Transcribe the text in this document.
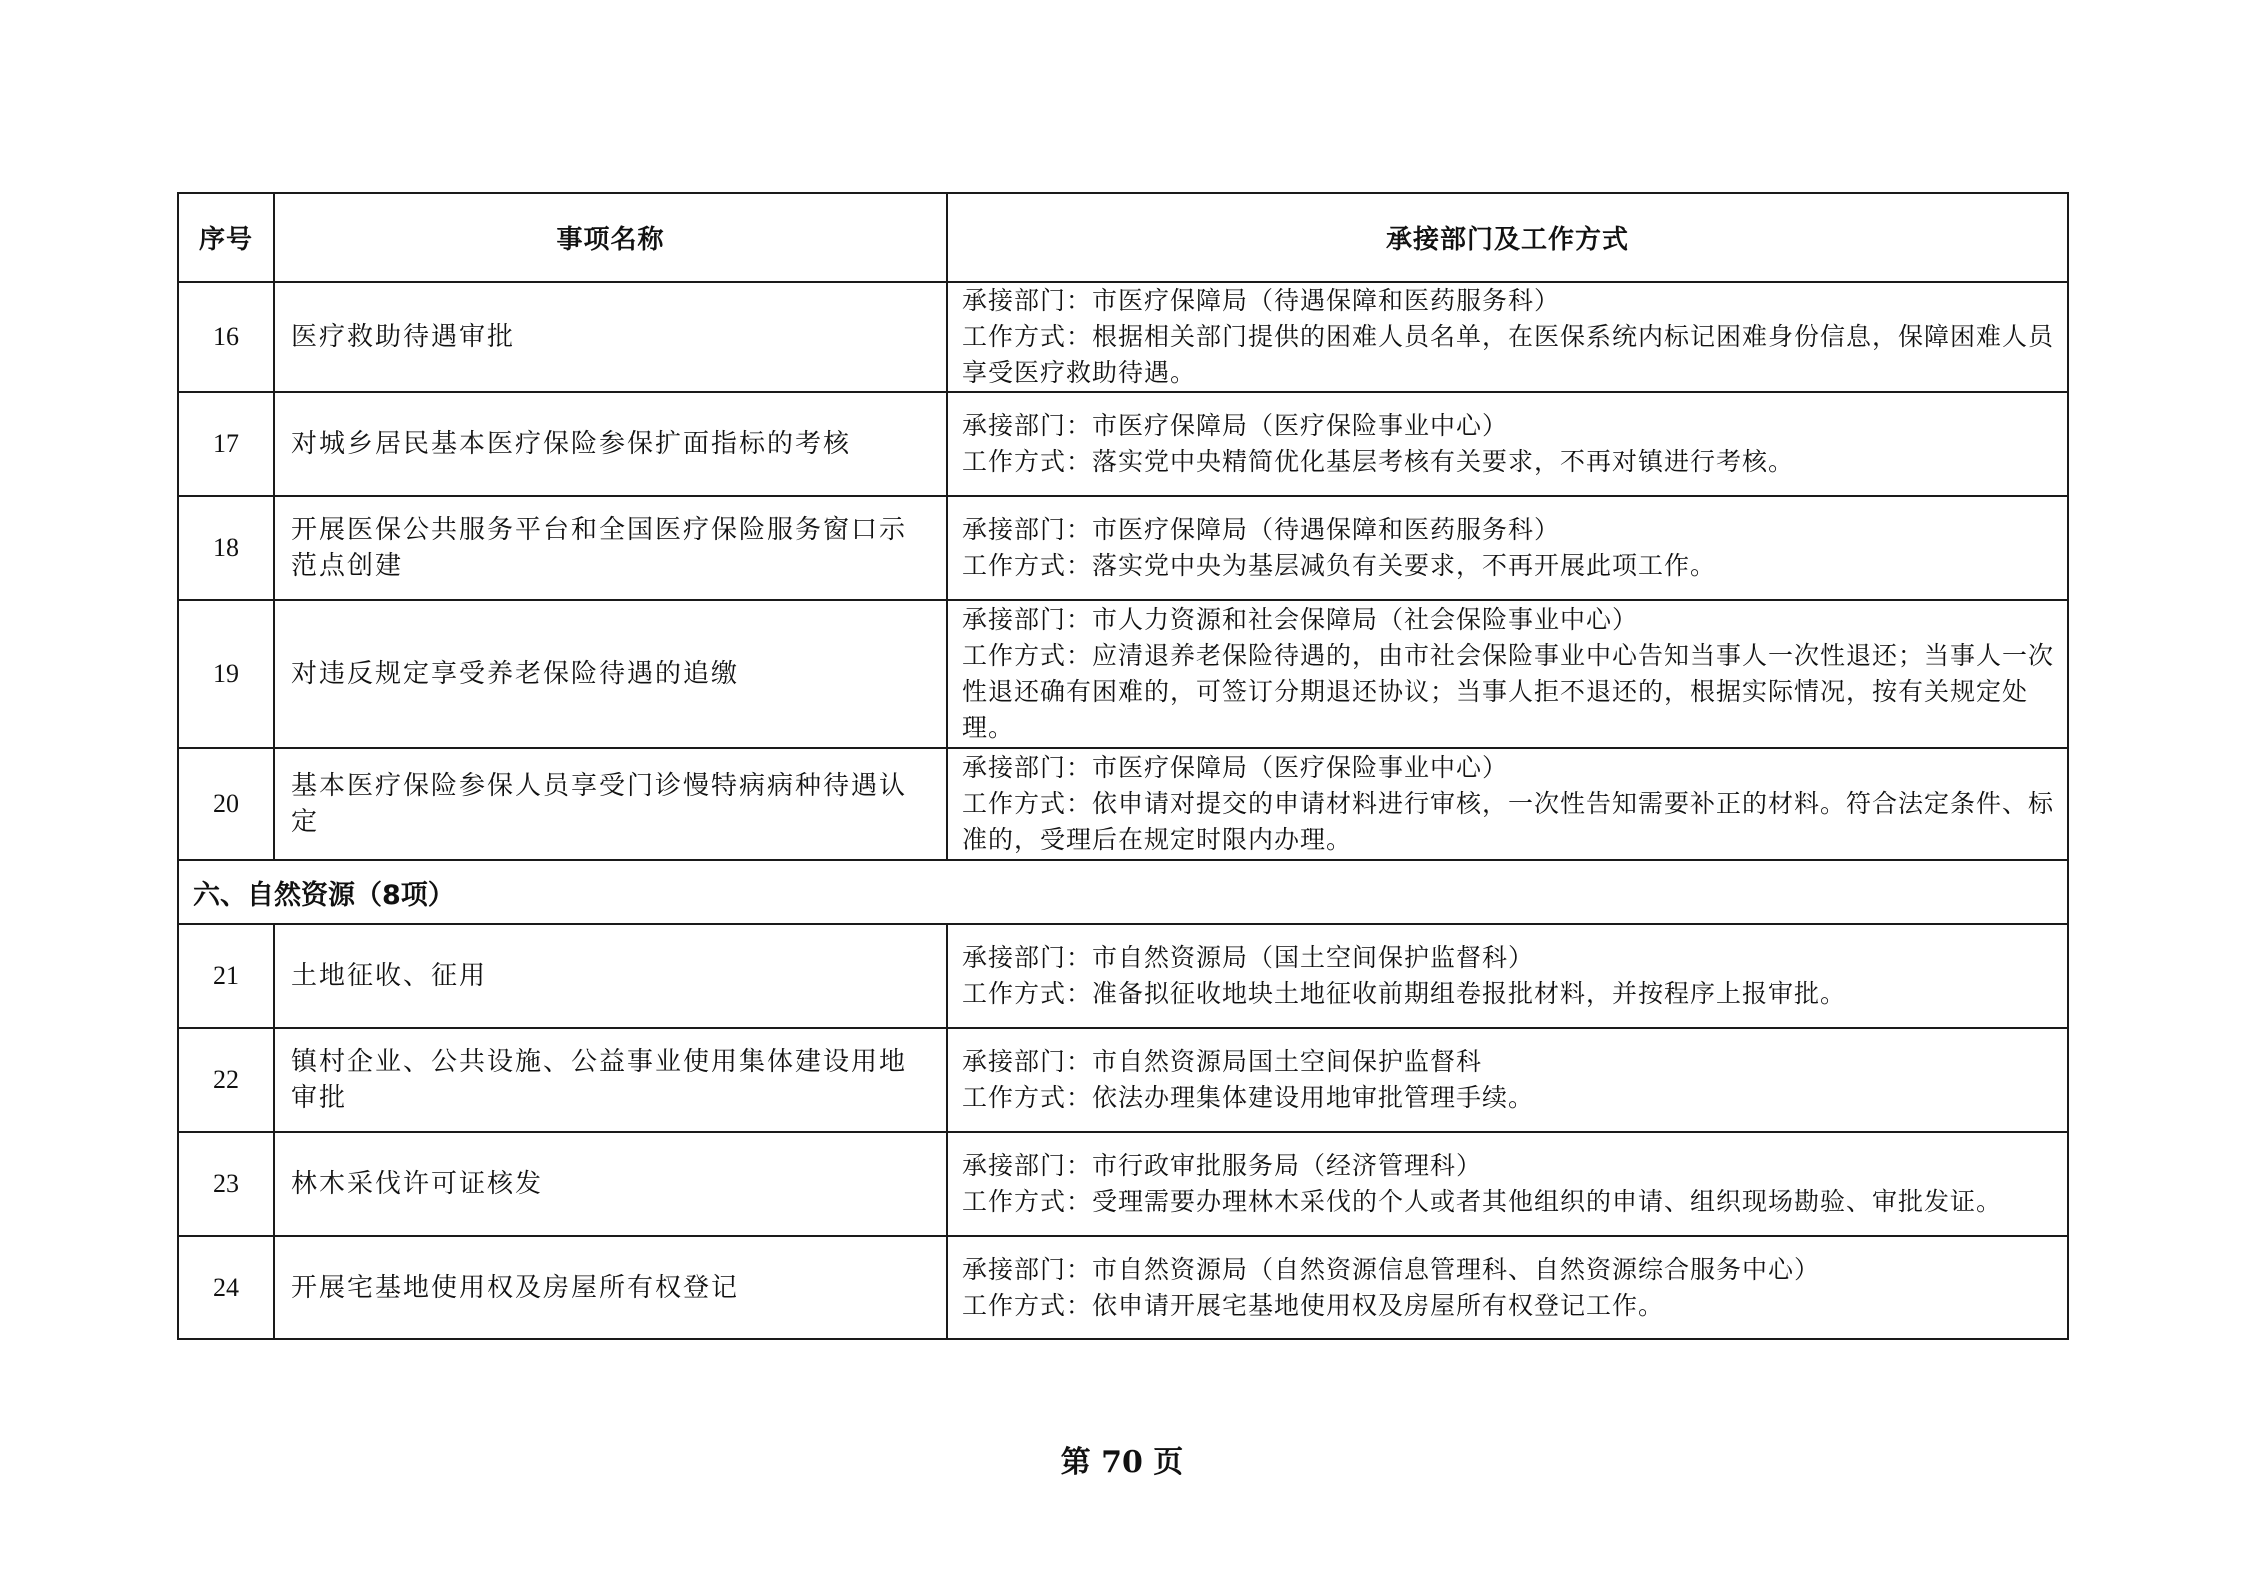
序号	事项名称	承接部门及工作方式
16	医疗救助待遇审批	承接部门：市医疗保障局（待遇保障和医药服务科）
工作方式：根据相关部门提供的困难人员名单，在医保系统内标记困难身份信息，保障困难人员享受医疗救助待遇。

17	对城乡居民基本医疗保险参保扩面指标的考核	承接部门：市医疗保障局（医疗保险事业中心）
工作方式：落实党中央精简优化基层考核有关要求，不再对镇进行考核。

18	开展医保公共服务平台和全国医疗保险服务窗口示范点创建	承接部门：市医疗保障局（待遇保障和医药服务科）
工作方式：落实党中央为基层减负有关要求，不再开展此项工作。

19	对违反规定享受养老保险待遇的追缴	承接部门：市人力资源和社会保障局（社会保险事业中心）
工作方式：应清退养老保险待遇的，由市社会保险事业中心告知当事人一次性退还；当事人一次性退还确有困难的，可签订分期退还协议；当事人拒不退还的，根据实际情况，按有关规定处理。

20	基本医疗保险参保人员享受门诊慢特病病种待遇认定	承接部门：市医疗保障局（医疗保险事业中心）
工作方式：依申请对提交的申请材料进行审核，一次性告知需要补正的材料。符合法定条件、标准的，受理后在规定时限内办理。

六、自然资源（8项）		
21	土地征收、征用	承接部门：市自然资源局（国土空间保护监督科）
工作方式：准备拟征收地块土地征收前期组卷报批材料，并按程序上报审批。

22	镇村企业、公共设施、公益事业使用集体建设用地审批	承接部门：市自然资源局国土空间保护监督科
工作方式：依法办理集体建设用地审批管理手续。

23	林木采伐许可证核发	承接部门：市行政审批服务局（经济管理科）
工作方式：受理需要办理林木采伐的个人或者其他组织的申请、组织现场勘验、审批发证。

24	开展宅基地使用权及房屋所有权登记	承接部门：市自然资源局（自然资源信息管理科、自然资源综合服务中心）
工作方式：依申请开展宅基地使用权及房屋所有权登记工作。
第 70 页
